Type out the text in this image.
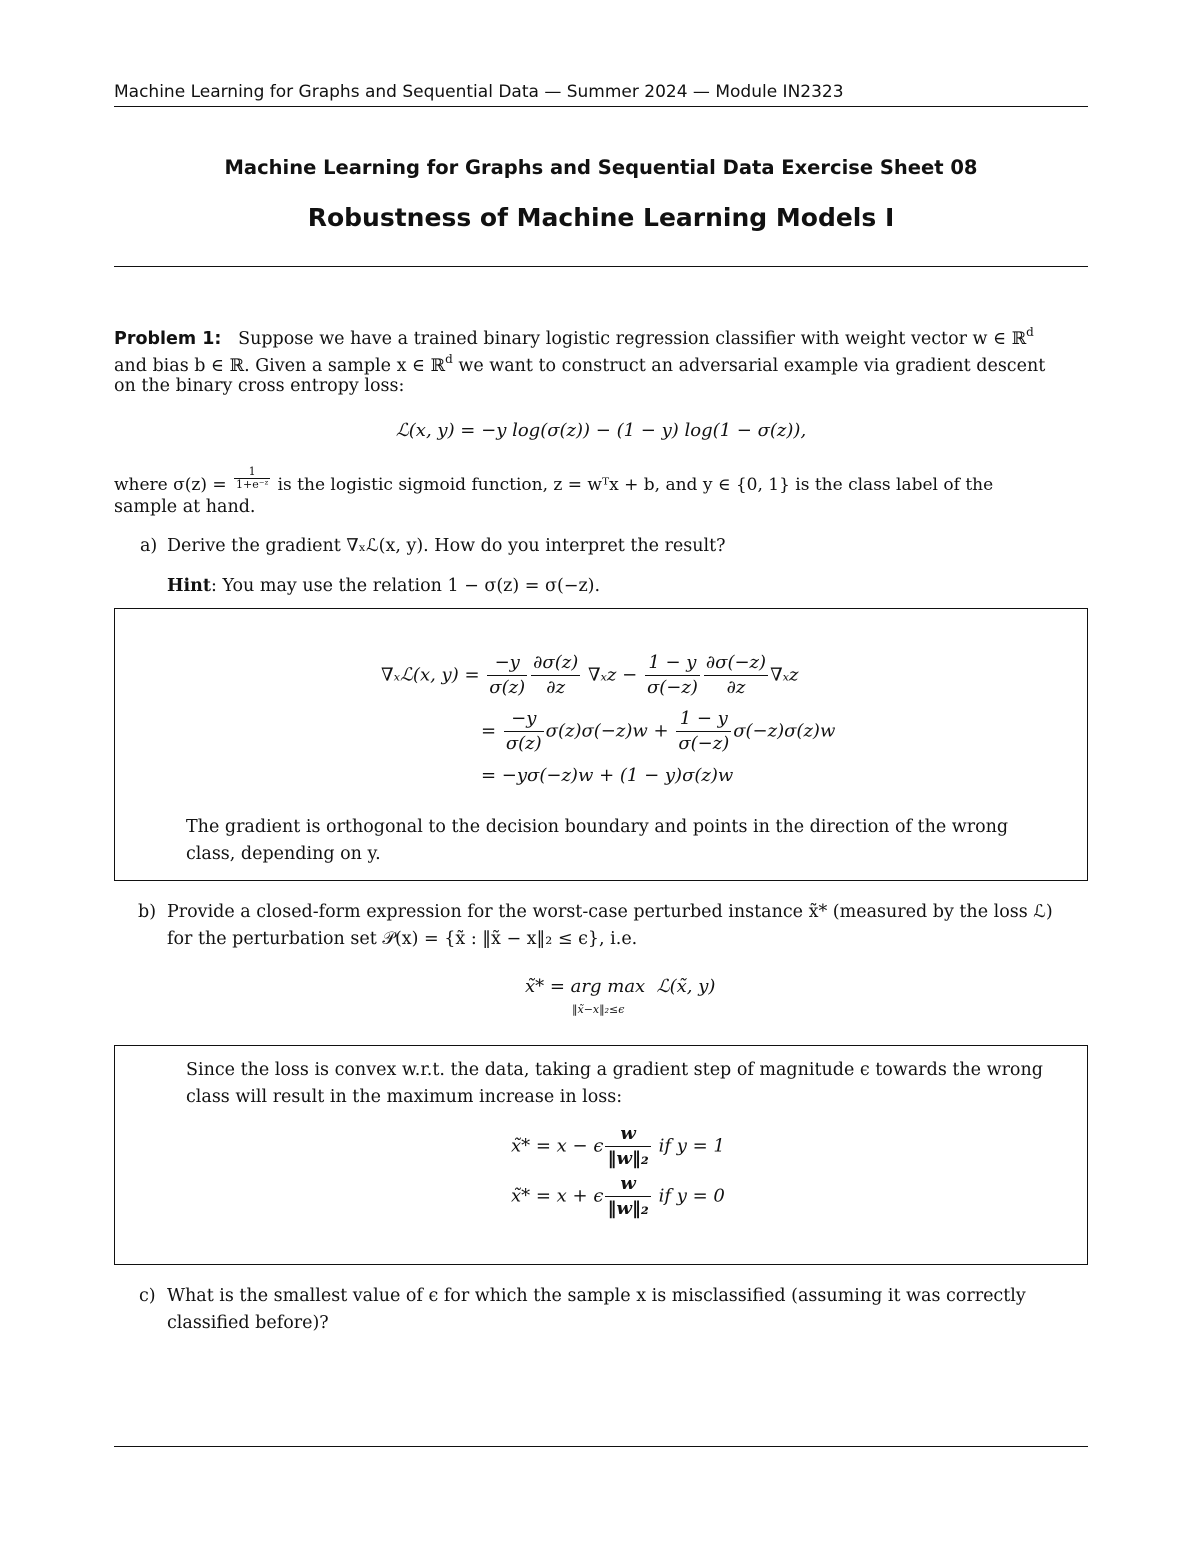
Machine Learning for Graphs and Sequential Data — Summer 2024 — Module IN2323
Machine Learning for Graphs and Sequential Data Exercise Sheet 08
Robustness of Machine Learning Models I
Problem 1: Suppose we have a trained binary logistic regression classifier with weight vector w ∈ ℝ$^d$
and bias b ∈ ℝ. Given a sample x ∈ ℝ$^d$ we want to construct an adversarial example via gradient descent
on the binary cross entropy loss:
ℒ(x, y) = −y log(σ(z)) − (1 − y) log(1 − σ(z)),
where $\sigma(z) = \frac{1}{\text{1+e⁻ᶻ}}$ is the logistic sigmoid function, z = wᵀx + b, and y ∈ {0, 1} is the class label of the
sample at hand.
a) Derive the gradient ∇ₓℒ(x, y). How do you interpret the result?
Hint: You may use the relation 1 − σ(z) = σ(−z).
∇ₓℒ(x, $y) = \frac{-y}{\sigma(z)} \frac{\partial\sigma(z)}{\partial z} \nabla_xz - \frac{1 - y}{\sigma(-z)} \frac{\partial\sigma(-z)}{\partial z} \nabla_xz$
= $\frac{-y}{\sigma(z)} \sigma(z)\sigma(-z)w + \frac{1 - y}{\sigma(-z)} \sigma(-z)\sigma(z)w$
= −yσ(−z)w + (1 − y)σ(z)w
The gradient is orthogonal to the decision boundary and points in the direction of the wrong
class, depending on y.
b) Provide a closed-form expression for the worst-case perturbed instance x̃* (measured by the loss ℒ)
for the perturbation set 𝒫(x) = {x̃ : ‖x̃ − x‖₂ ≤ ϵ}, i.e.
x̃* = arg max ℒ(x̃, y)
‖x̃−x‖₂≤ϵ
Since the loss is convex w.r.t. the data, taking a gradient step of magnitude ϵ towards the wrong
class will result in the maximum increase in loss:
x̃* = x − ϵ $\frac{w}{\text{‖w‖₂}}$ if y = 1
x̃* = x + ϵ $\frac{w}{\text{‖w‖₂}}$ if y = 0
c) What is the smallest value of ϵ for which the sample x is misclassified (assuming it was correctly
classified before)?
